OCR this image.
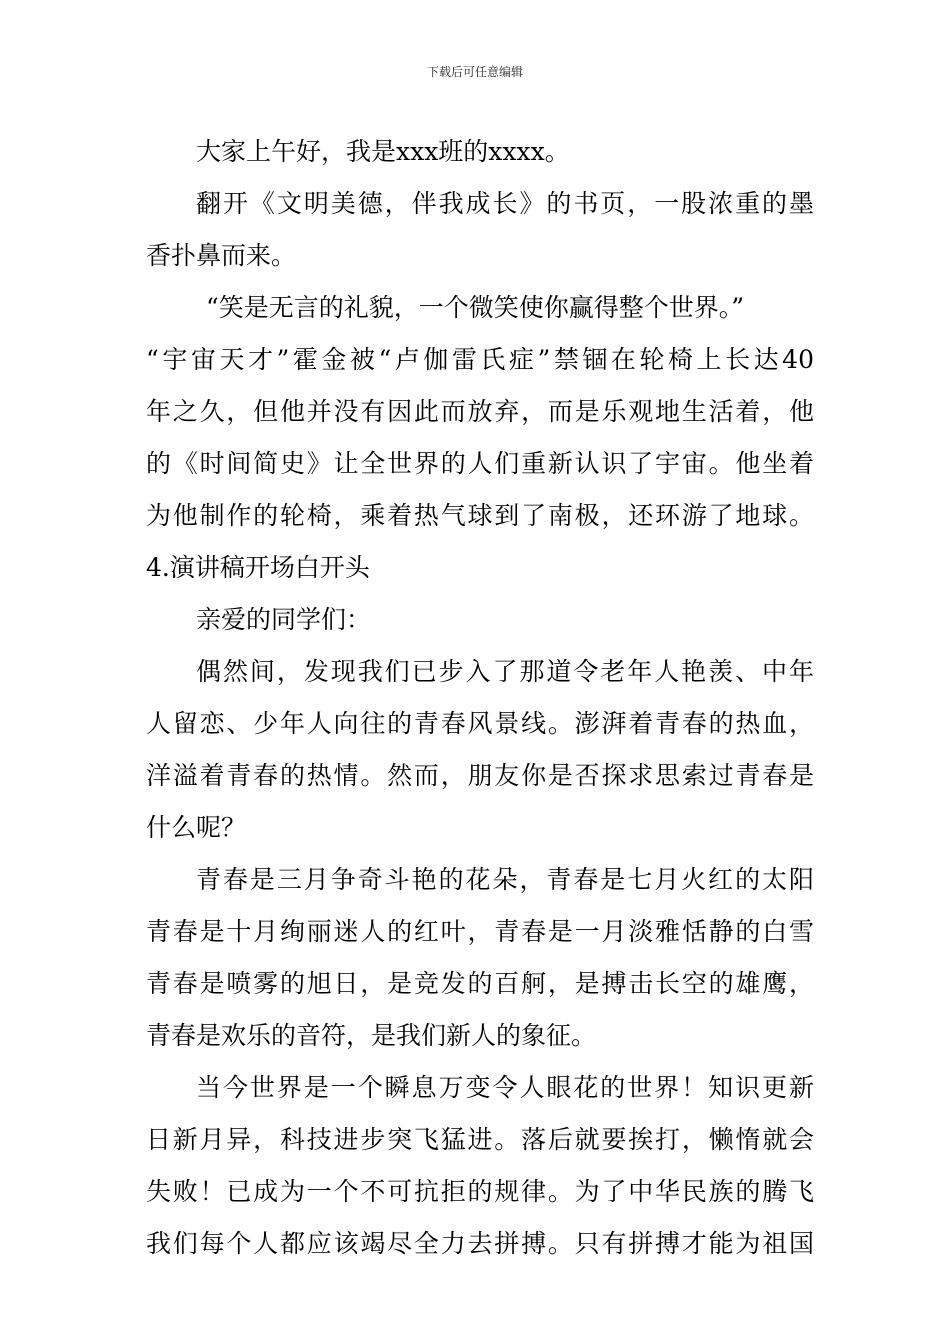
下载后可任意编辑
大家上午好，我是xxx班的xxxx。
翻开《文明美德，伴我成长》的书页，一股浓重的墨
香扑鼻而来。
“笑是无言的礼貌，一个微笑使你赢得整个世界。”
“宇宙天才”霍金被“卢伽雷氏症”禁锢在轮椅上长达40
年之久，但他并没有因此而放弃，而是乐观地生活着，他
的《时间简史》让全世界的人们重新认识了宇宙。他坐着
为他制作的轮椅，乘着热气球到了南极，还环游了地球。
4.演讲稿开场白开头
亲爱的同学们：
偶然间，发现我们已步入了那道令老年人艳羡、中年
人留恋、少年人向往的青春风景线。澎湃着青春的热血，
洋溢着青春的热情。然而，朋友你是否探求思索过青春是
什么呢？
青春是三月争奇斗艳的花朵，青春是七月火红的太阳
青春是十月绚丽迷人的红叶，青春是一月淡雅恬静的白雪
青春是喷雾的旭日，是竞发的百舸，是搏击长空的雄鹰，
青春是欢乐的音符，是我们新人的象征。
当今世界是一个瞬息万变令人眼花的世界！知识更新
日新月异，科技进步突飞猛进。落后就要挨打，懒惰就会
失败！已成为一个不可抗拒的规律。为了中华民族的腾飞
我们每个人都应该竭尽全力去拼搏。只有拼搏才能为祖国
